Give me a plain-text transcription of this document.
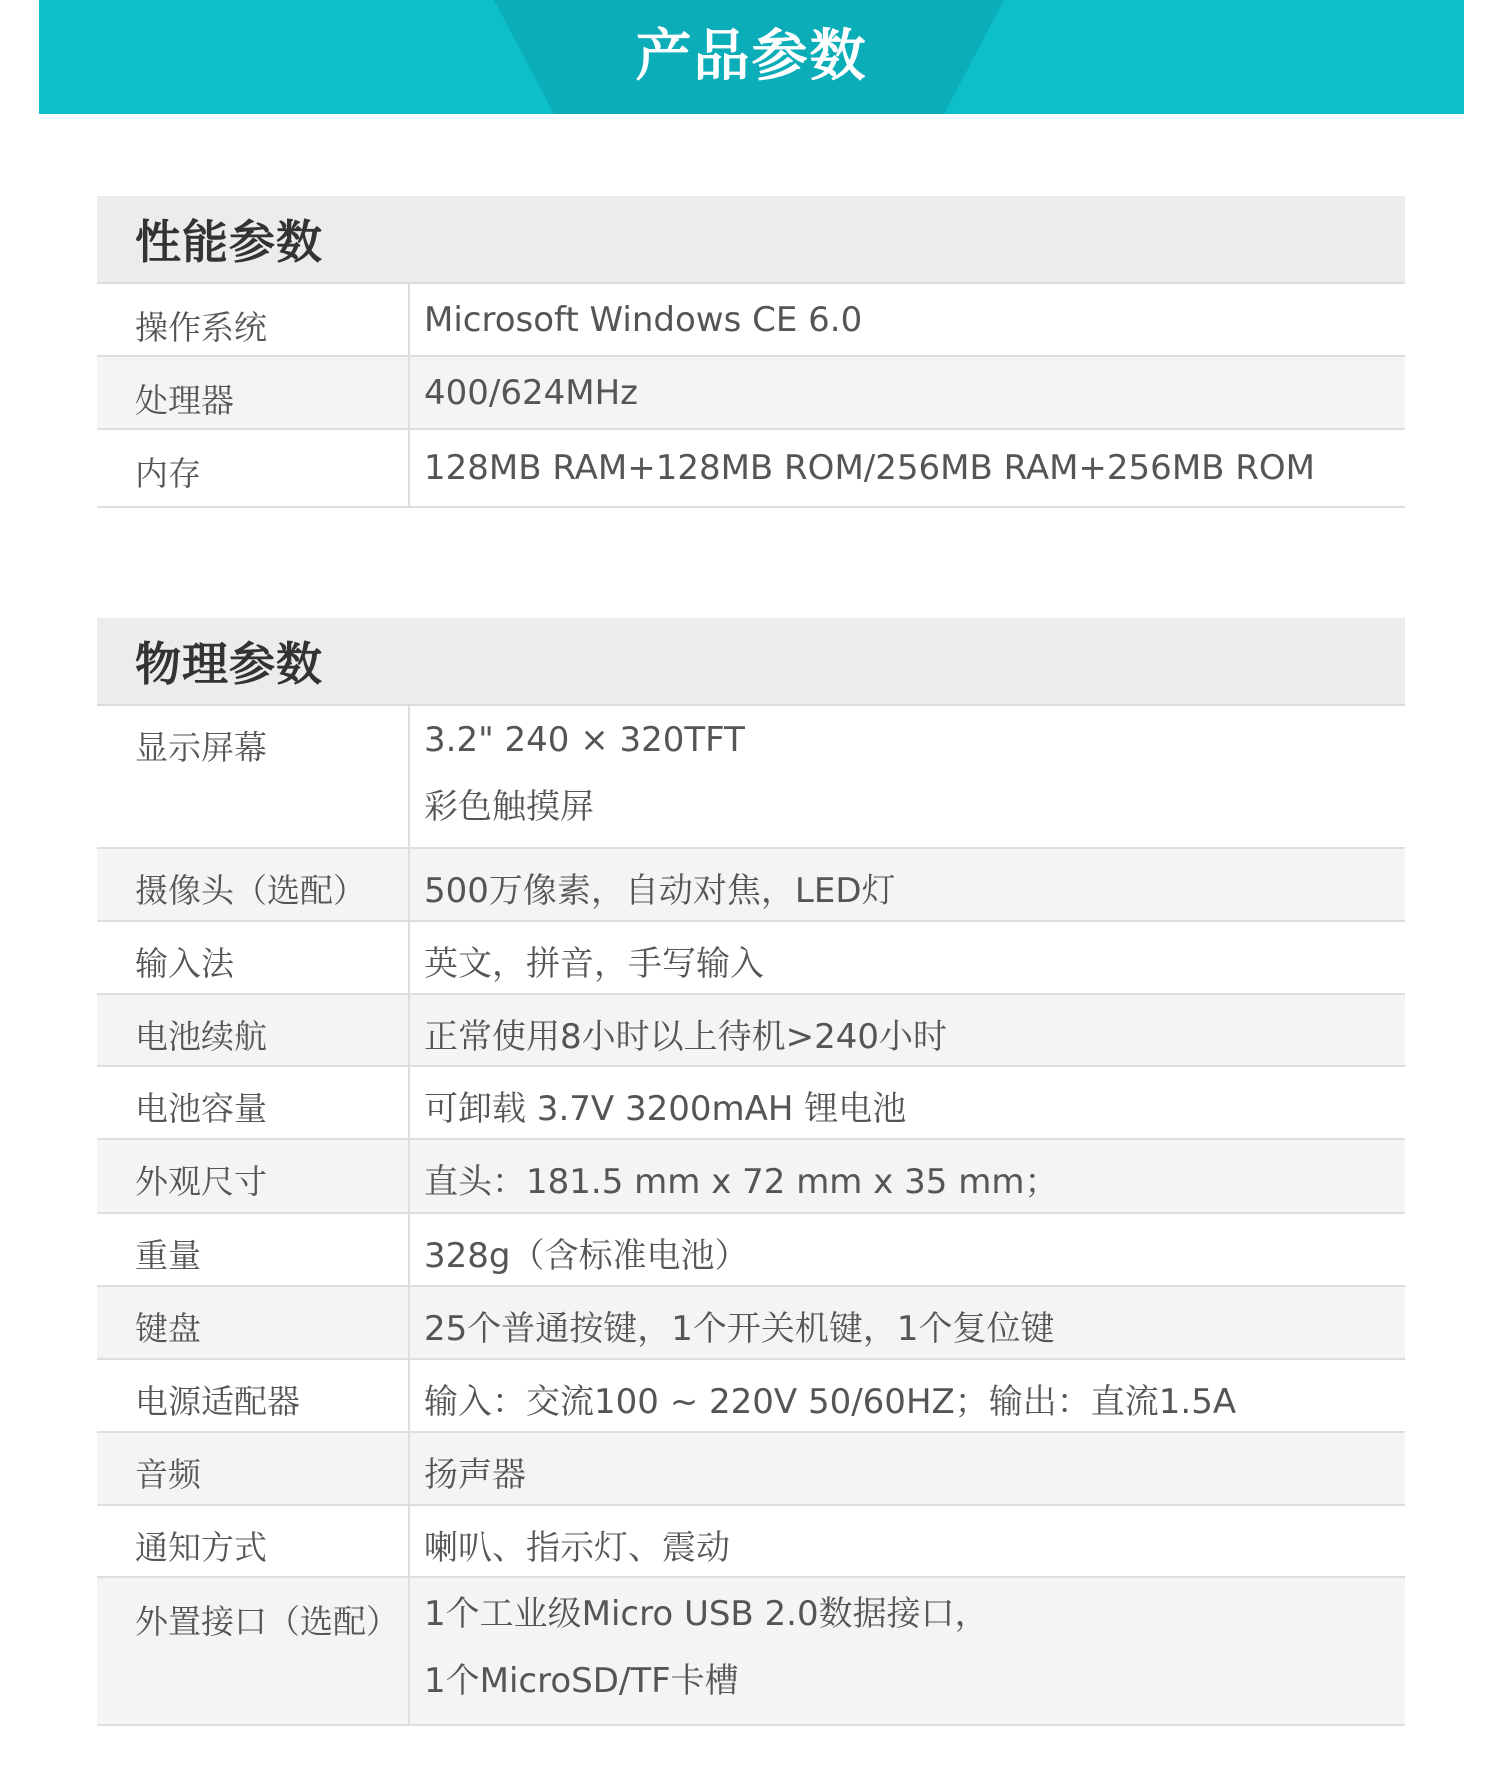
产品参数
性能参数
操作系统	Microsoft Windows CE 6.0
处理器	400/624MHz
内存	128MB RAM+128MB ROM/256MB RAM+256MB ROM
物理参数
显示屏幕	3.2" 240 × 320TFT
彩色触摸屏
摄像头（选配）	500万像素，自动对焦，LED灯
输入法	英文，拼音，手写输入
电池续航	正常使用8小时以上待机>240小时
电池容量	可卸载 3.7V 3200mAH 锂电池
外观尺寸	直头：181.5 mm x 72 mm x 35 mm；
重量	328g（含标准电池）
键盘	25个普通按键，1个开关机键，1个复位键
电源适配器	输入：交流100 ~ 220V 50/60HZ；输出：直流1.5A
音频	扬声器
通知方式	喇叭、指示灯、震动
外置接口（选配） 1个工业级Micro USB 2.0数据接口，
1个MicroSD/TF卡槽
